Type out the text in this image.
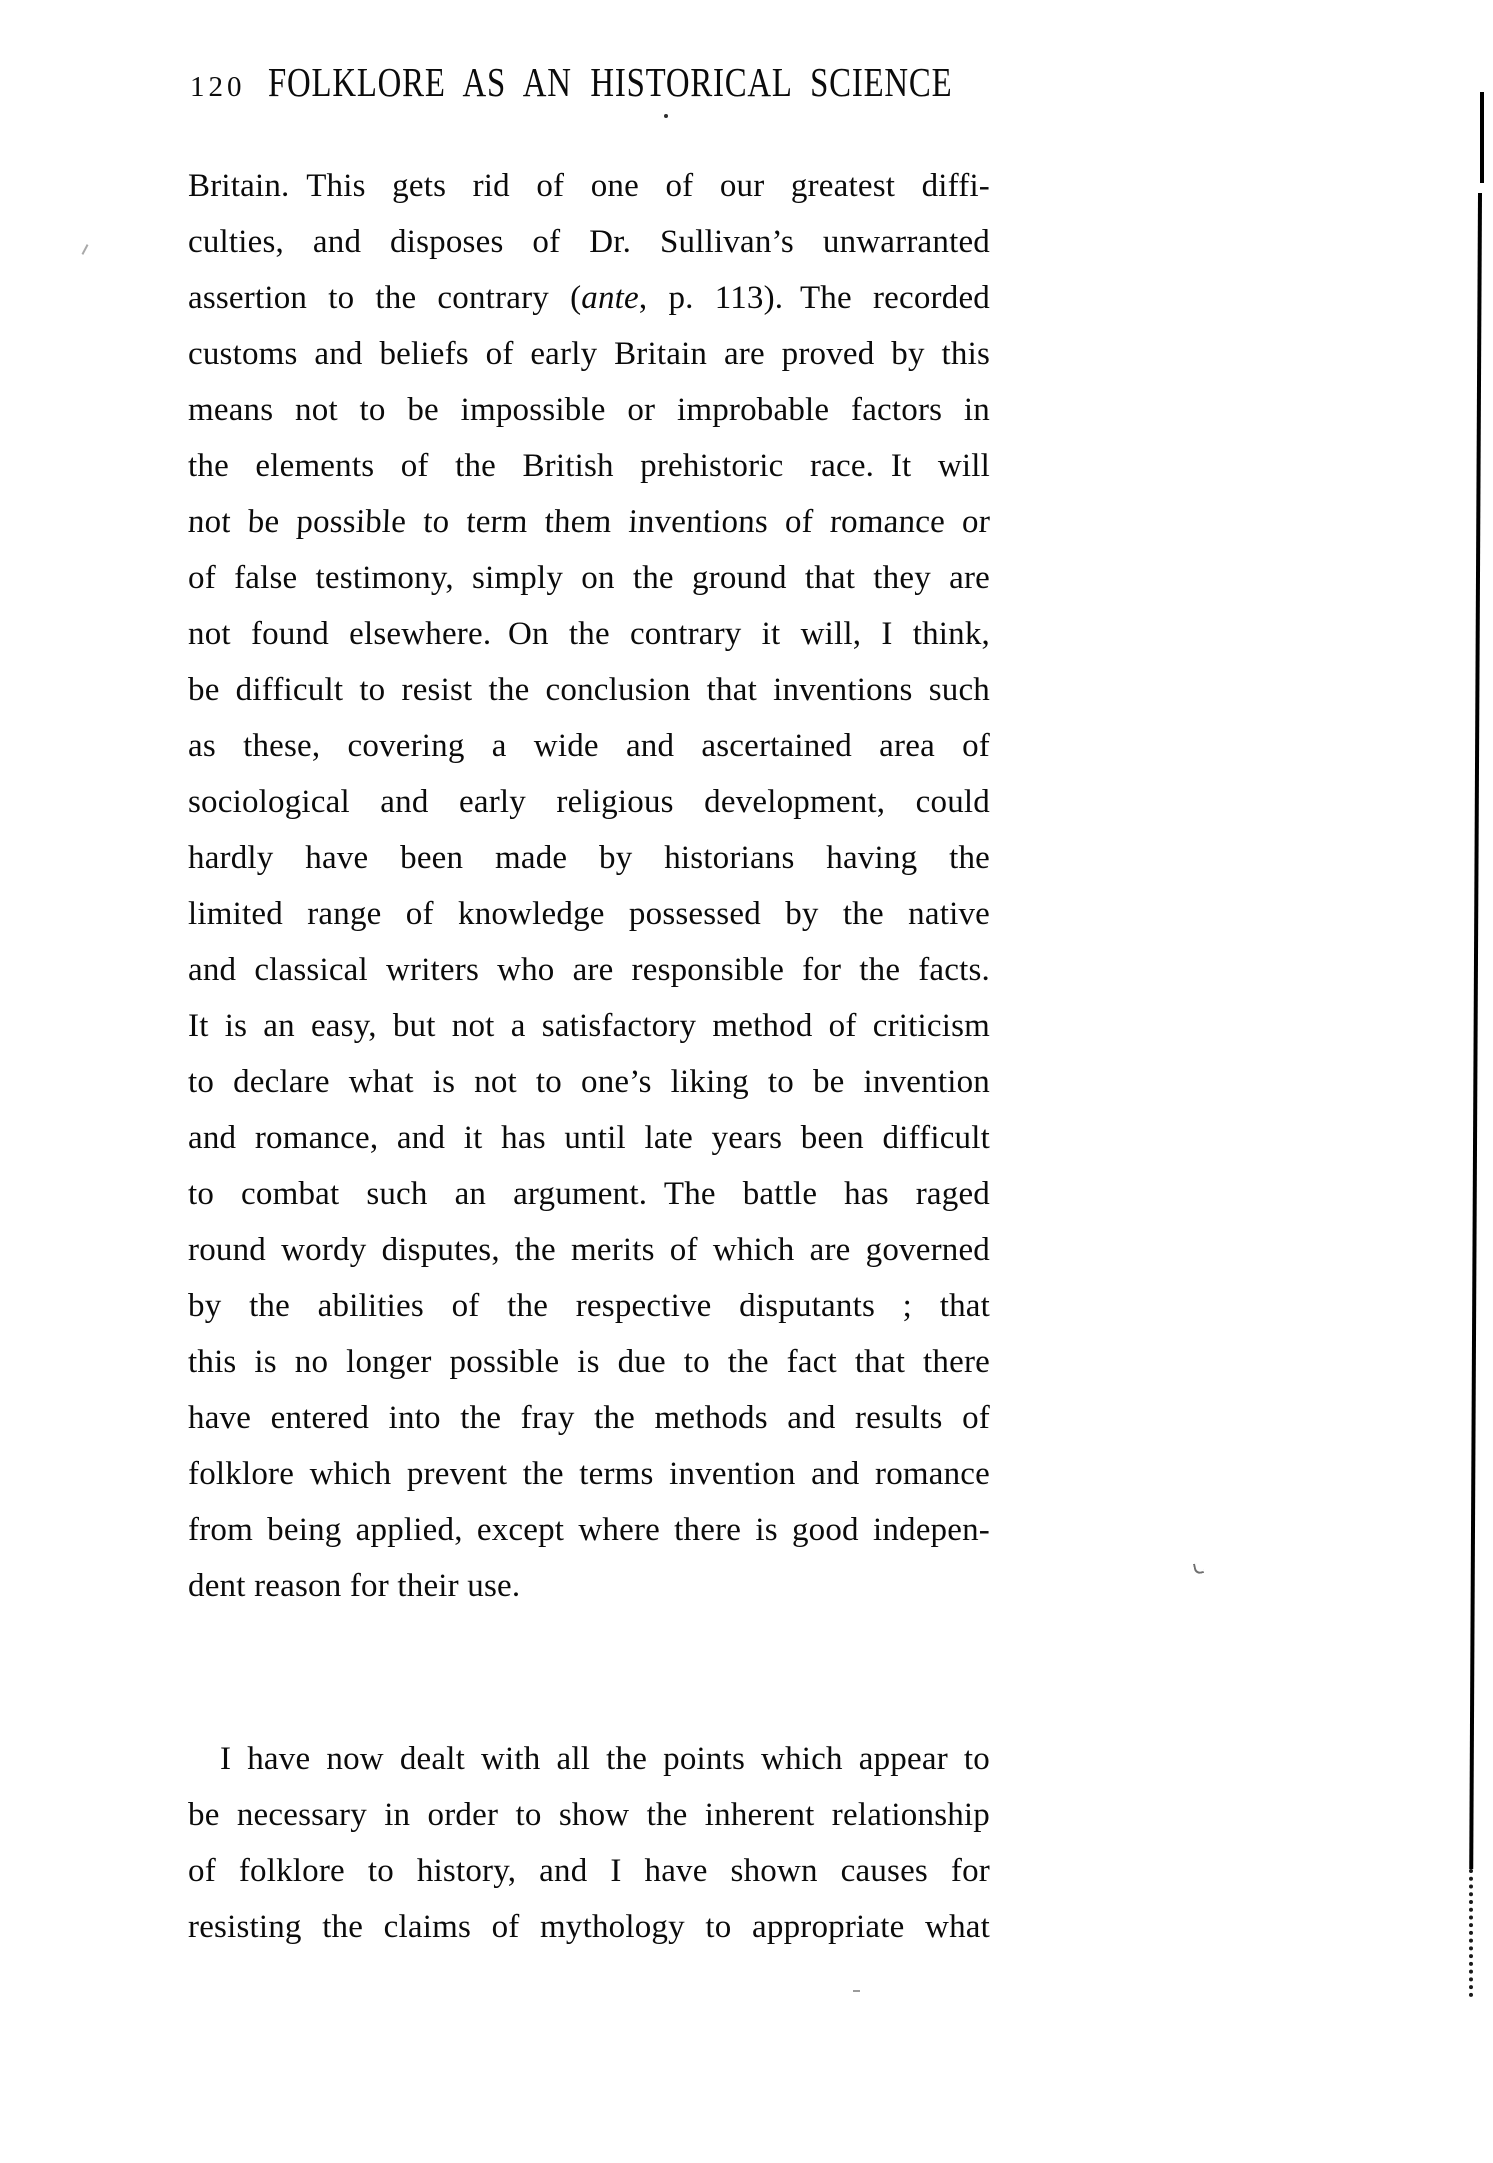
120 FOLKLORE AS AN HISTORICAL SCIENCE
Britain. This gets rid of one of our greatest diffi-
culties, and disposes of Dr. Sullivan’s unwarranted
assertion to the contrary (ante, p. 113). The recorded
customs and beliefs of early Britain are proved by this
means not to be impossible or improbable factors in
the elements of the British prehistoric race. It will
not be possible to term them inventions of romance or
of false testimony, simply on the ground that they are
not found elsewhere. On the contrary it will, I think,
be difficult to resist the conclusion that inventions such
as these, covering a wide and ascertained area of
sociological and early religious development, could
hardly have been made by historians having the
limited range of knowledge possessed by the native
and classical writers who are responsible for the facts.
It is an easy, but not a satisfactory method of criticism
to declare what is not to one’s liking to be invention
and romance, and it has until late years been difficult
to combat such an argument. The battle has raged
round wordy disputes, the merits of which are governed
by the abilities of the respective disputants ; that
this is no longer possible is due to the fact that there
have entered into the fray the methods and results of
folklore which prevent the terms invention and romance
from being applied, except where there is good indepen-
dent reason for their use.
I have now dealt with all the points which appear to
be necessary in order to show the inherent relationship
of folklore to history, and I have shown causes for
resisting the claims of mythology to appropriate what
